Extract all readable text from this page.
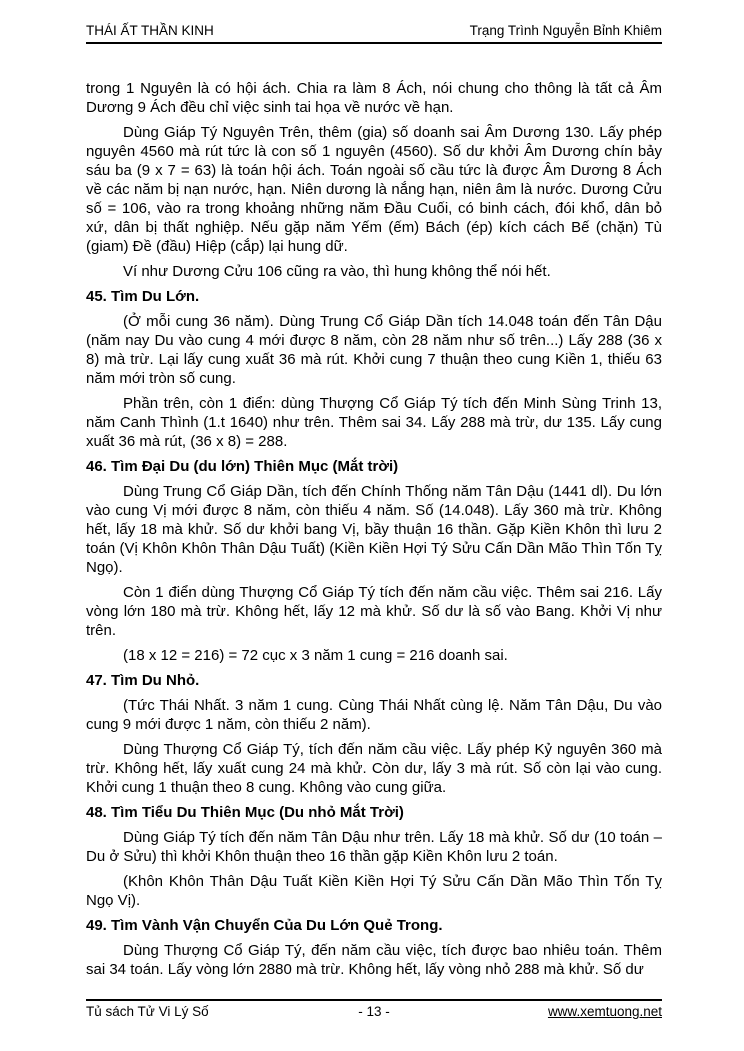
THÁI ẤT THẦN KINH	Trạng Trình Nguyễn Bỉnh Khiêm

trong 1 Nguyên là có hội ách. Chia ra làm 8 Ách, nói chung cho thông là tất cả Âm Dương 9 Ách đều chỉ việc sinh tai họa về nước về hạn.

Dùng Giáp Tý Nguyên Trên, thêm (gia) số doanh sai Âm Dương 130. Lấy phép nguyên 4560 mà rút tức là con số 1 nguyên (4560). Số dư khởi Âm Dương chín bảy sáu ba (9 x 7 = 63) là toán hội ách. Toán ngoài số cầu tức là được Âm Dương 8 Ách về các năm bị nạn nước, hạn. Niên dương là nắng hạn, niên âm là nước. Dương Cửu số = 106, vào ra trong khoảng những năm Đầu Cuối, có binh cách, đói khổ, dân bỏ xứ, dân bị thất nghiệp. Nếu gặp năm Yếm (ếm) Bách (ép) kích cách Bế (chặn) Tù (giam) Đề (đầu) Hiệp (cắp) lại hung dữ.

Ví như Dương Cửu 106 cũng ra vào, thì hung không thể nói hết.

45. Tìm Du Lớn.

(Ở mỗi cung 36 năm). Dùng Trung Cổ Giáp Dần tích 14.048 toán đến Tân Dậu (năm nay Du vào cung 4 mới được 8 năm, còn 28 năm như số trên...) Lấy 288 (36 x 8) mà trừ. Lại lấy cung xuất 36 mà rút. Khởi cung 7 thuận theo cung Kiền 1, thiếu 63 năm mới tròn số cung.

Phần trên, còn 1 điển: dùng Thượng Cổ Giáp Tý tích đến Minh Sùng Trinh 13, năm Canh Thình (1.t 1640) như trên. Thêm sai 34. Lấy 288 mà trừ, dư 135. Lấy cung xuất 36 mà rút, (36 x 8) = 288.

46. Tìm Đại Du (du lớn) Thiên Mục (Mắt trời)

Dùng Trung Cổ Giáp Dần, tích đến Chính Thống năm Tân Dậu (1441 dl). Du lớn vào cung Vị mới được 8 năm, còn thiếu 4 năm. Số (14.048). Lấy 360 mà trừ. Không hết, lấy 18 mà khử. Số dư khởi bang Vị, bầy thuận 16 thần. Gặp Kiền Khôn thì lưu 2 toán (Vị Khôn Khôn Thân Dậu Tuất) (Kiền Kiền Hợi Tý Sửu Cấn Dần Mão Thìn Tốn Tỵ Ngọ).

Còn 1 điển dùng Thượng Cổ Giáp Tý tích đến năm cầu việc. Thêm sai 216. Lấy vòng lớn 180 mà trừ. Không hết, lấy 12 mà khử. Số dư là số vào Bang. Khởi Vị như trên.

(18 x 12 = 216) = 72 cục x 3 năm 1 cung = 216 doanh sai.

47. Tìm Du Nhỏ.

(Tức Thái Nhất. 3 năm 1 cung. Cùng Thái Nhất cùng lệ. Năm Tân Dậu, Du vào cung 9 mới được 1 năm, còn thiếu 2 năm).

Dùng Thượng Cổ Giáp Tý, tích đến năm cầu việc. Lấy phép Kỷ nguyên 360 mà trừ. Không hết, lấy xuất cung 24 mà khử. Còn dư, lấy 3 mà rút. Số còn lại vào cung. Khởi cung 1 thuận theo 8 cung. Không vào cung giữa.

48. Tìm Tiểu Du Thiên Mục (Du nhỏ Mắt Trời)

Dùng Giáp Tý tích đến năm Tân Dậu như trên. Lấy 18 mà khử. Số dư (10 toán – Du ở Sửu) thì khởi Khôn thuận theo 16 thần gặp Kiền Khôn lưu 2 toán.

(Khôn Khôn Thân Dậu Tuất Kiền Kiền Hợi Tý Sửu Cấn Dần Mão Thìn Tốn Tỵ Ngọ Vị).

49. Tìm Vành Vận Chuyển Của Du Lớn Quẻ Trong.

Dùng Thượng Cổ Giáp Tý, đến năm cầu việc, tích được bao nhiêu toán. Thêm sai 34 toán. Lấy vòng lớn 2880 mà trừ. Không hết, lấy vòng nhỏ 288 mà khử. Số dư

Tủ sách Tử Vi Lý Số	- 13 -	www.xemtuong.net
